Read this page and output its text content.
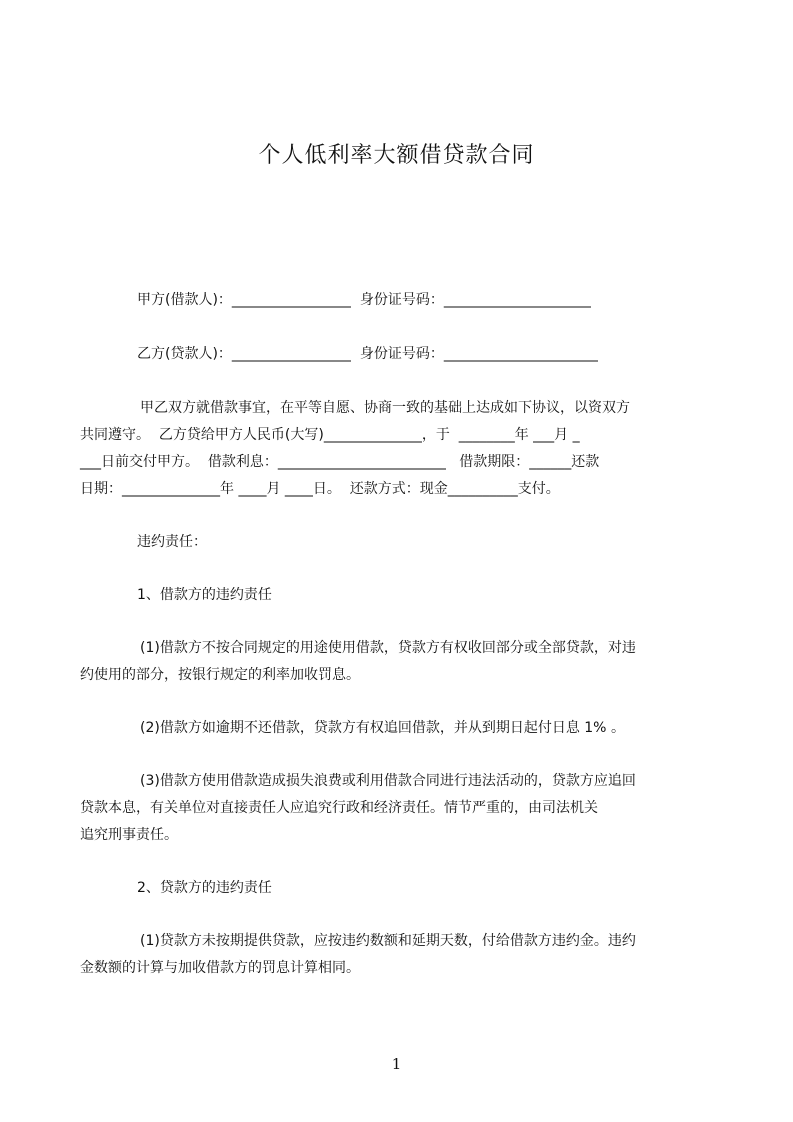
个人低利率大额借贷款合同

甲方(借款人)：_________________  身份证号码：_____________________

乙方(贷款人)：_________________  身份证号码：______________________

甲乙双方就借款事宜，在平等自愿、协商一致的基础上达成如下协议，以资双方

共同遵守。  乙方贷给甲方人民币(大写)______________，于  ________年 ___月 _

___日前交付甲方。  借款利息：________________________   借款期限：______还款

日期：______________年 ____月 ____日。  还款方式：现金__________支付。

违约责任：

1、借款方的违约责任

(1)借款方不按合同规定的用途使用借款，贷款方有权收回部分或全部贷款，对违

约使用的部分，按银行规定的利率加收罚息。

(2)借款方如逾期不还借款，贷款方有权追回借款，并从到期日起付日息 1% 。

(3)借款方使用借款造成损失浪费或利用借款合同进行违法活动的，贷款方应追回

贷款本息，有关单位对直接责任人应追究行政和经济责任。情节严重的，由司法机关

追究刑事责任。

2、贷款方的违约责任

(1)贷款方未按期提供贷款，应按违约数额和延期天数，付给借款方违约金。违约

金数额的计算与加收借款方的罚息计算相同。

1
